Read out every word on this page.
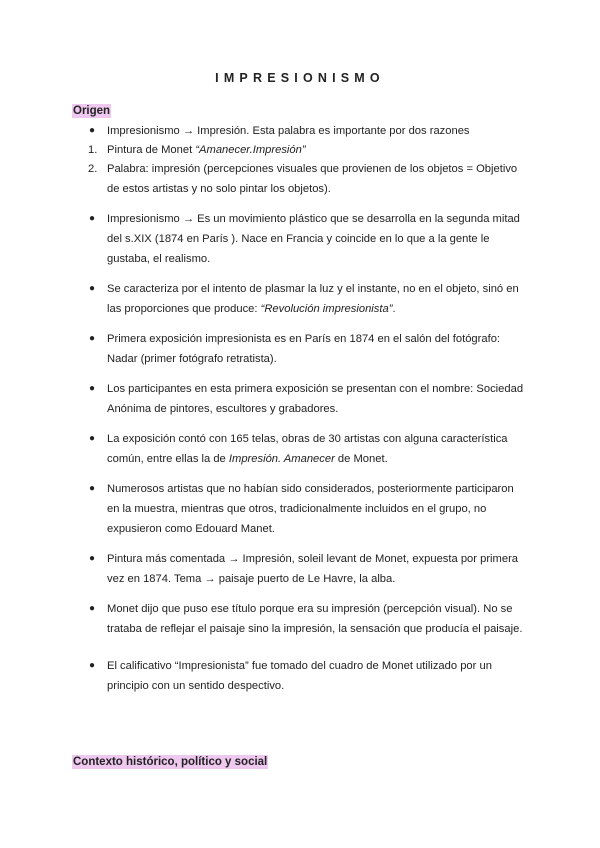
IMPRESIONISMO
Origen
● Impresionismo → Impresión. Esta palabra es importante por dos razones
1. Pintura de Monet “Amanecer.Impresión”
2. Palabra: impresión (percepciones visuales que provienen de los objetos = Objetivo de estos artistas y no solo pintar los objetos).
● Impresionismo → Es un movimiento plástico que se desarrolla en la segunda mitad del s.XIX (1874 en París ). Nace en Francia y coincide en lo que a la gente le gustaba, el realismo.
● Se caracteriza por el intento de plasmar la luz y el instante, no en el objeto, sinó en las proporciones que produce: “Revolución impresionista”.
● Primera exposición impresionista es en París en 1874 en el salón del fotógrafo: Nadar (primer fotógrafo retratista).
● Los participantes en esta primera exposición se presentan con el nombre: Sociedad Anónima de pintores, escultores y grabadores.
● La exposición contó con 165 telas, obras de 30 artistas con alguna característica común, entre ellas la de Impresión. Amanecer de Monet.
● Numerosos artistas que no habían sido considerados, posteriormente participaron en la muestra, mientras que otros, tradicionalmente incluidos en el grupo, no expusieron como Edouard Manet.
● Pintura más comentada → Impresión, soleil levant de Monet, expuesta por primera vez en 1874. Tema → paisaje puerto de Le Havre, la alba.
● Monet dijo que puso ese título porque era su impresión (percepción visual). No se trataba de reflejar el paisaje sino la impresión, la sensación que producía el paisaje.
● El calificativo “Impresionista” fue tomado del cuadro de Monet utilizado por un principio con un sentido despectivo.
Contexto histórico, político y social
